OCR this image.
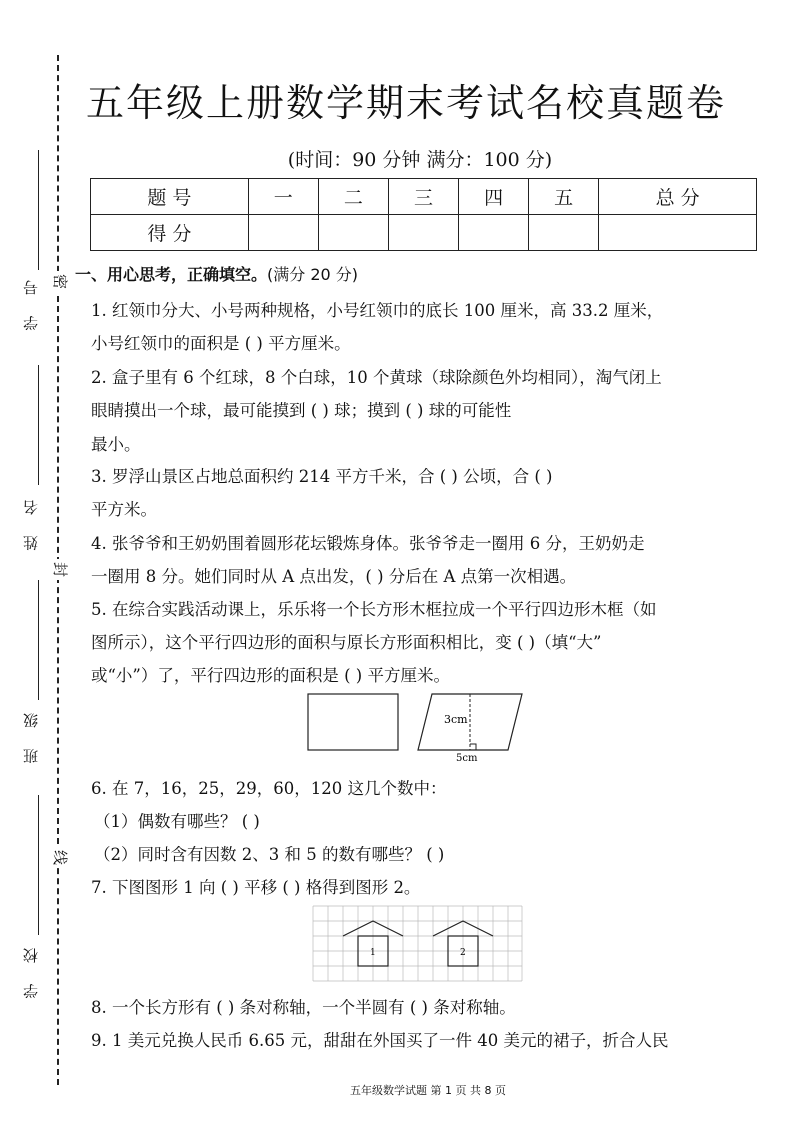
学 号
姓 名
班 级
学 校
密
封
线
五年级上册数学期末考试名校真题卷
(时间：90 分钟 满分：100 分)
题 号	一	二	三	四	五	总 分
得 分						
一、用心思考，正确填空。(满分 20 分)
1. 红领巾分大、小号两种规格，小号红领巾的底长 100 厘米，高 33.2 厘米，
小号红领巾的面积是 ( ) 平方厘米。
2. 盒子里有 6 个红球，8 个白球，10 个黄球（球除颜色外均相同），淘气闭上
眼睛摸出一个球，最可能摸到 ( ) 球；摸到 ( ) 球的可能性
最小。
3. 罗浮山景区占地总面积约 214 平方千米，合 ( ) 公顷，合 ( )
平方米。
4. 张爷爷和王奶奶围着圆形花坛锻炼身体。张爷爷走一圈用 6 分，王奶奶走
一圈用 8 分。她们同时从 A 点出发，( ) 分后在 A 点第一次相遇。
5. 在综合实践活动课上，乐乐将一个长方形木框拉成一个平行四边形木框（如
图所示），这个平行四边形的面积与原长方形面积相比，变 ( )（填“大”
或“小”）了，平行四边形的面积是 ( ) 平方厘米。
3cm
5cm
6. 在 7，16，25，29，60，120 这几个数中：
（1）偶数有哪些？ ( )
（2）同时含有因数 2、3 和 5 的数有哪些？ ( )
7. 下图图形 1 向 ( ) 平移 ( ) 格得到图形 2。
1	2
8. 一个长方形有 ( ) 条对称轴，一个半圆有 ( ) 条对称轴。
9. 1 美元兑换人民币 6.65 元，甜甜在外国买了一件 40 美元的裙子，折合人民
五年级数学试题 第 1 页 共 8 页
